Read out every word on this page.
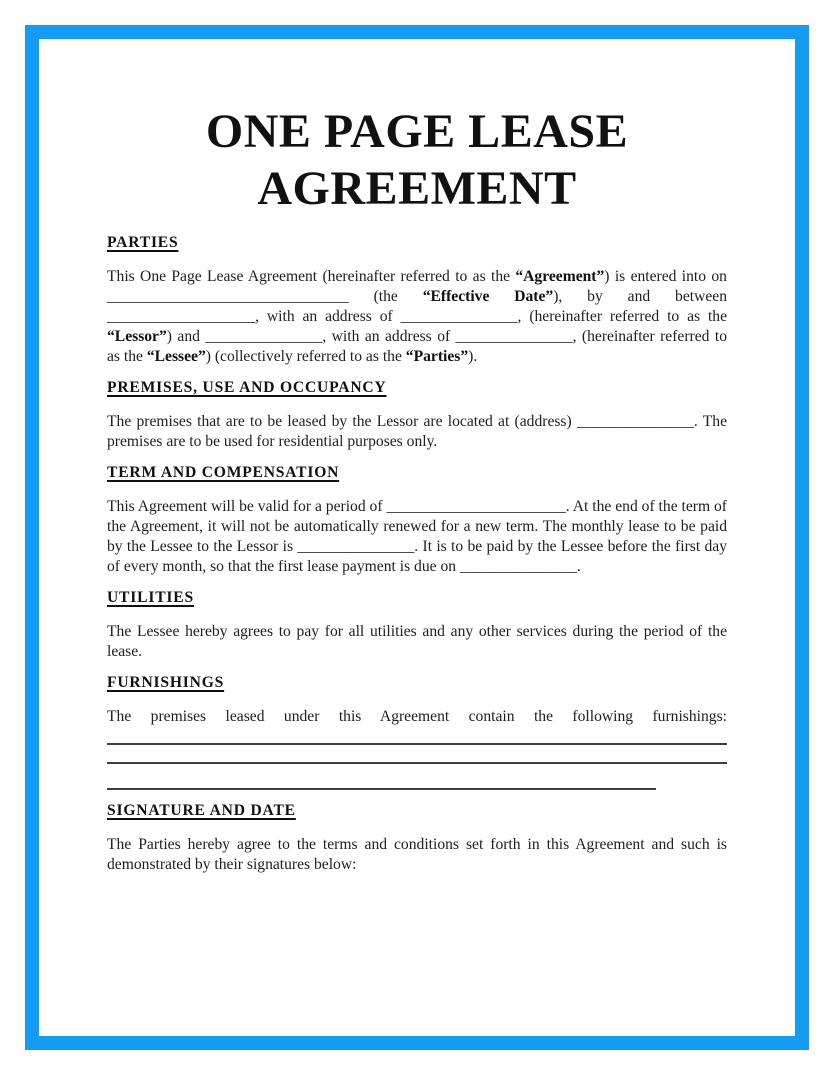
ONE PAGE LEASE
AGREEMENT
PARTIES

This One Page Lease Agreement (hereinafter referred to as the “Agreement”) is entered into on _______________________________ (the “Effective Date”), by and between ___________________, with an address of _______________, (hereinafter referred to as the “Lessor”) and _______________, with an address of _______________, (hereinafter referred to as the “Lessee”) (collectively referred to as the “Parties”).

PREMISES, USE AND OCCUPANCY

The premises that are to be leased by the Lessor are located at (address) _______________. The premises are to be used for residential purposes only.

TERM AND COMPENSATION

This Agreement will be valid for a period of _______________________. At the end of the term of the Agreement, it will not be automatically renewed for a new term. The monthly lease to be paid by the Lessee to the Lessor is _______________. It is to be paid by the Lessee before the first day of every month, so that the first lease payment is due on _______________.

UTILITIES

The Lessee hereby agrees to pay for all utilities and any other services during the period of the lease.

FURNISHINGS

The premises leased under this Agreement contain the following furnishings:

SIGNATURE AND DATE

The Parties hereby agree to the terms and conditions set forth in this Agreement and such is demonstrated by their signatures below:
